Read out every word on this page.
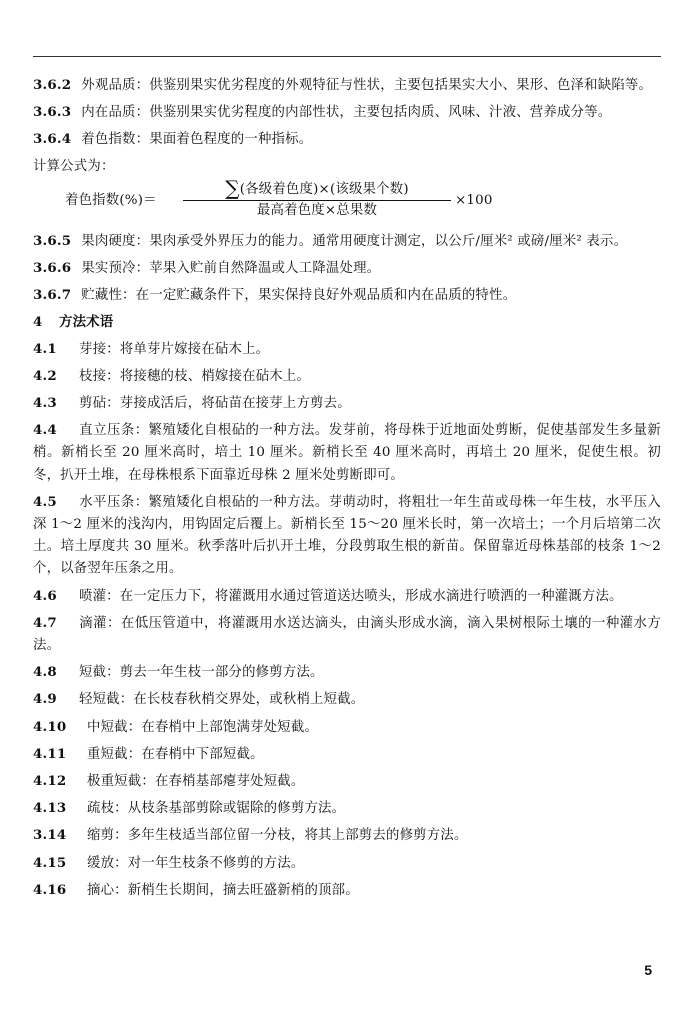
3.6.2 外观品质：供鉴别果实优劣程度的外观特征与性状，主要包括果实大小、果形、色泽和缺陷等。

3.6.3 内在品质：供鉴别果实优劣程度的内部性状，主要包括肉质、风味、汁液、营养成分等。

3.6.4 着色指数：果面着色程度的一种指标。

计算公式为：

着色指数(%)＝
∑(各级着色度)×(该级果个数)
最高着色度×总果数
×100

3.6.5 果肉硬度：果肉承受外界压力的能力。通常用硬度计测定，以公斤/厘米² 或磅/厘米² 表示。

3.6.6 果实预冷：苹果入贮前自然降温或人工降温处理。

3.6.7 贮藏性：在一定贮藏条件下，果实保持良好外观品质和内在品质的特性。

4 方法术语

4.1 芽接：将单芽片嫁接在砧木上。

4.2 枝接：将接穗的枝、梢嫁接在砧木上。

4.3 剪砧：芽接成活后，将砧苗在接芽上方剪去。

4.4 直立压条：繁殖矮化自根砧的一种方法。发芽前，将母株于近地面处剪断，促使基部发生多量新梢。新梢长至 20 厘米高时，培土 10 厘米。新梢长至 40 厘米高时，再培土 20 厘米，促使生根。初冬，扒开土堆，在母株根系下面靠近母株 2 厘米处剪断即可。

4.5 水平压条：繁殖矮化自根砧的一种方法。芽萌动时，将粗壮一年生苗或母株一年生枝，水平压入深 1～2 厘米的浅沟内，用钩固定后覆上。新梢长至 15～20 厘米长时，第一次培土；一个月后培第二次土。培土厚度共 30 厘米。秋季落叶后扒开土堆，分段剪取生根的新苗。保留靠近母株基部的枝条 1～2 个，以备翌年压条之用。

4.6 喷灌：在一定压力下，将灌溉用水通过管道送达喷头，形成水滴进行喷洒的一种灌溉方法。

4.7 滴灌：在低压管道中，将灌溉用水送达滴头，由滴头形成水滴，滴入果树根际土壤的一种灌水方法。

4.8 短截：剪去一年生枝一部分的修剪方法。

4.9 轻短截：在长枝春秋梢交界处，或秋梢上短截。

4.10 中短截：在春梢中上部饱满芽处短截。

4.11 重短截：在春梢中下部短截。

4.12 极重短截：在春梢基部瘪芽处短截。

4.13 疏枝：从枝条基部剪除或锯除的修剪方法。

3.14 缩剪：多年生枝适当部位留一分枝，将其上部剪去的修剪方法。

4.15 缓放：对一年生枝条不修剪的方法。

4.16 摘心：新梢生长期间，摘去旺盛新梢的顶部。

5
